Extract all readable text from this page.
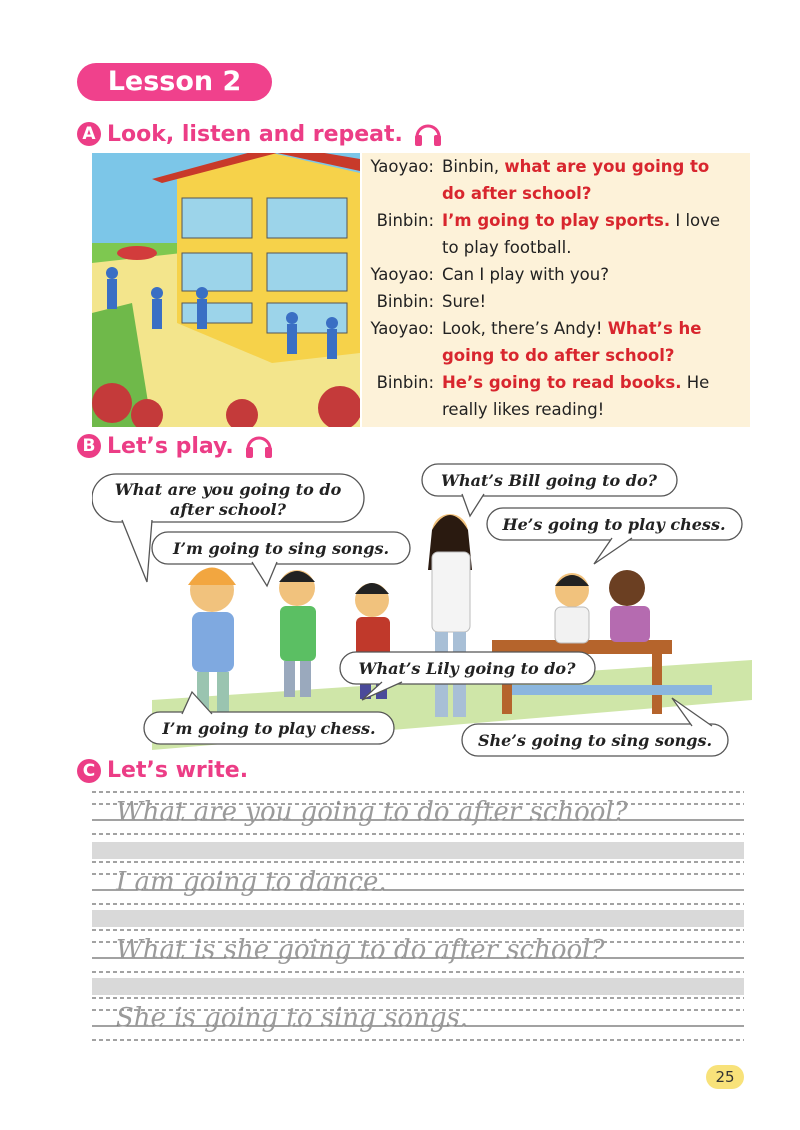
Lesson 2
A Look, listen and repeat.
Yaoyao: Binbin, what are you going to
do after school?
Binbin: I’m going to play sports. I love
to play football.
Yaoyao: Can I play with you?
Binbin: Sure!
Yaoyao: Look, there’s Andy! What’s he
going to do after school?
Binbin: He’s going to read books. He
really likes reading!
B Let’s play.
What are you going to do
after school?
I’m going to sing songs.
What’s Bill going to do?
He’s going to play chess.
What’s Lily going to do?
I’m going to play chess.
She’s going to sing songs.
C Let’s write.
What are you going to do after school?
I am going to dance.
What is she going to do after school?
She is going to sing songs.
25
